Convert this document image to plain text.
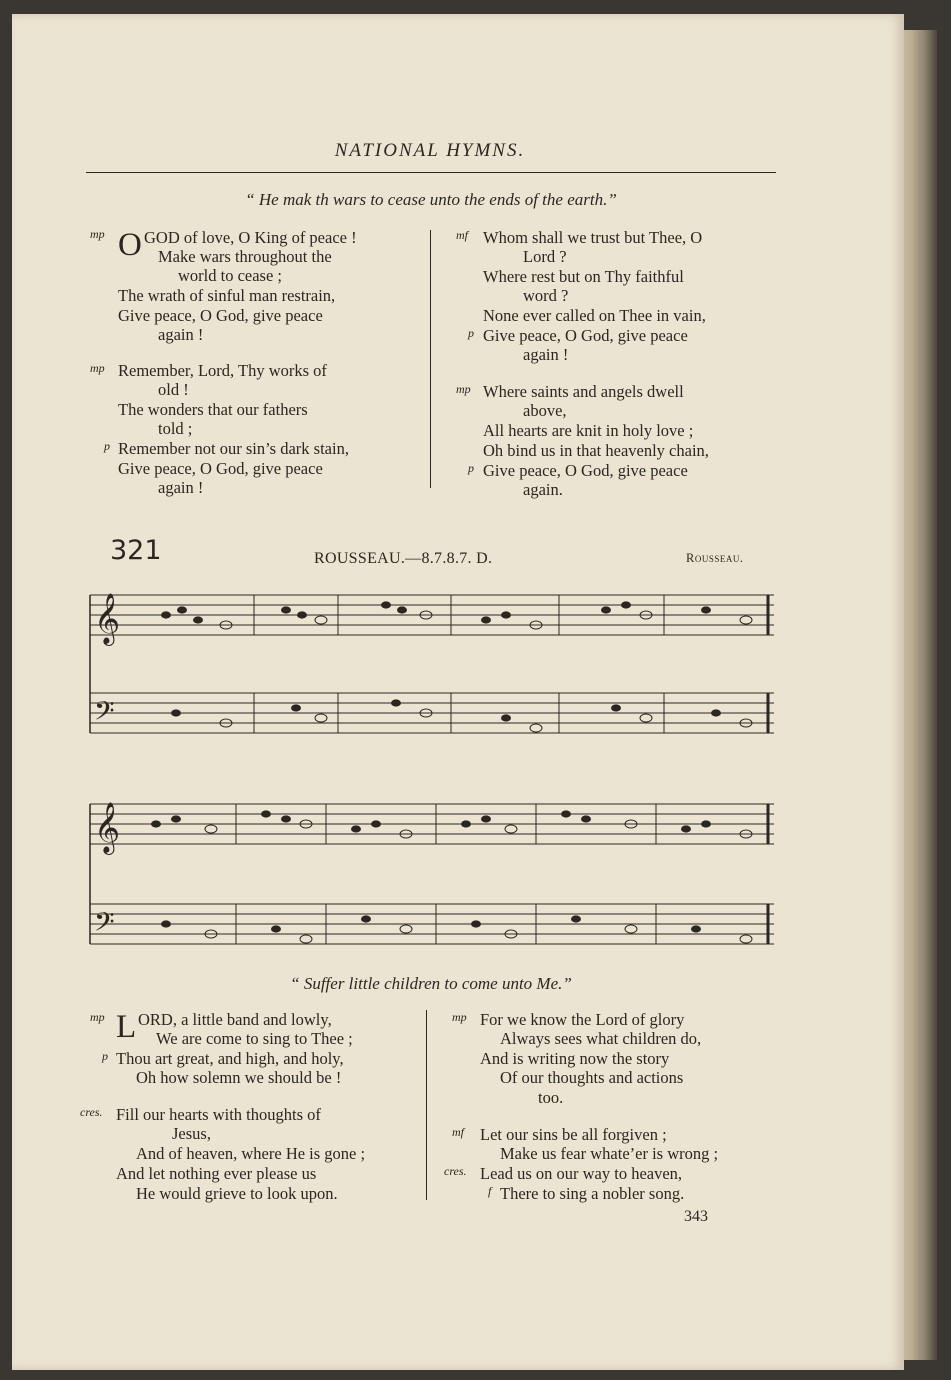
NATIONAL HYMNS.
“ He mak th wars to cease unto the ends of the earth.”
mp O GOD of love, O King of peace !
Make wars throughout the
world to cease ;
The wrath of sinful man restrain,
Give peace, O God, give peace
again !
mp Remember, Lord, Thy works of
old !
The wonders that our fathers
told ;
p Remember not our sin’s dark stain,
Give peace, O God, give peace
again !
mf Whom shall we trust but Thee, O
Lord ?
Where rest but on Thy faithful
word ?
None ever called on Thee in vain,
p Give peace, O God, give peace
again !
mp Where saints and angels dwell
above,
All hearts are knit in holy love ;
Oh bind us in that heavenly chain,
p Give peace, O God, give peace
again.
321	ROUSSEAU.—8.7.8.7. D.	Rousseau.
𝄞
𝄢
𝄞
𝄢
“ Suffer little children to come unto Me.”
mp L ORD, a little band and lowly,
We are come to sing to Thee ;
p Thou art great, and high, and holy,
Oh how solemn we should be !
cres. Fill our hearts with thoughts of
Jesus,
And of heaven, where He is gone ;
And let nothing ever please us
He would grieve to look upon.
mp For we know the Lord of glory
Always sees what children do,
And is writing now the story
Of our thoughts and actions
too.
mf Let our sins be all forgiven ;
Make us fear whate’er is wrong ;
cres. Lead us on our way to heaven,
f There to sing a nobler song.
343
